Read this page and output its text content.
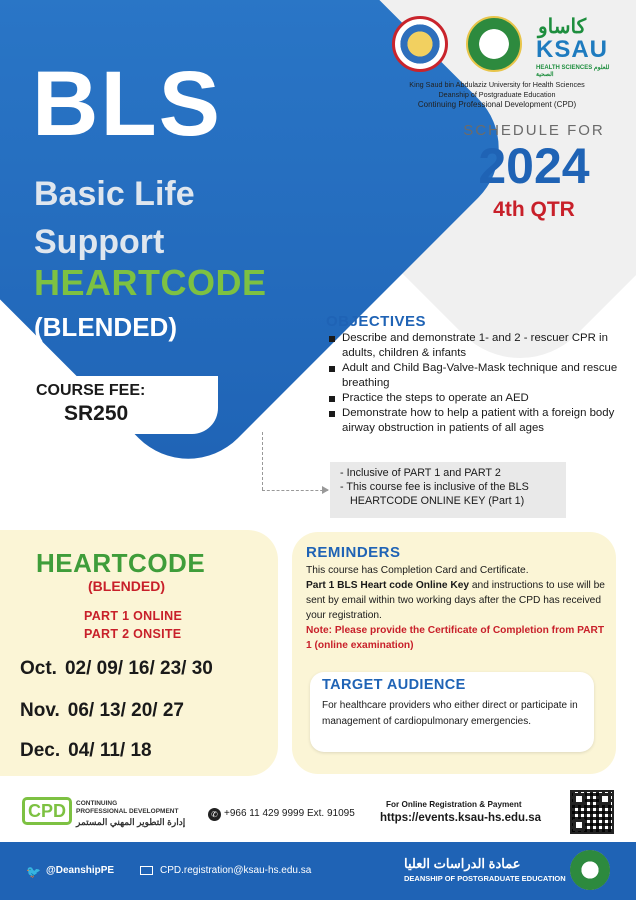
BLS
Basic Life
Support
HEARTCODE
(BLENDED)
COURSE FEE:
SR250
كاساو
KSAU
HEALTH SCIENCES للعلوم الصحية
King Saud bin Abdulaziz University for Health Sciences
Deanship of Postgraduate Education
Continuing Professional Development (CPD)
SCHEDULE FOR
2024
4th QTR
OBJECTIVES
Describe and demonstrate 1- and 2 - rescuer CPR in adults, children & infants
Adult and Child Bag-Valve-Mask technique and rescue breathing
Practice the steps to operate an AED
Demonstrate how to help a patient with a foreign body airway obstruction in patients of all ages

- Inclusive of PART 1 and PART 2

- This course fee is inclusive of the BLS

HEARTCODE ONLINE KEY (Part 1)

HEARTCODE
(BLENDED)
PART 1 ONLINE
PART 2 ONSITE
Oct. 02/ 09/ 16/ 23/ 30
Nov. 06/ 13/ 20/ 27
Dec. 04/ 11/ 18
REMINDERS
This course has Completion Card and Certificate.
Part 1 BLS Heart code Online Key and instructions to use will be sent by email within two working days after the CPD has received your registration.
Note: Please provide the Certificate of Completion from PART 1 (online examination)
TARGET AUDIENCE
For healthcare providers who either direct or participate in management of cardiopulmonary emergencies.
CPD	CONTINUING
PROFESSIONAL DEVELOPMENT
إدارة التطوير المهني المستمر
✆ +966 11 429 9999 Ext. 91095
For Online Registration & Payment
https://events.ksau-hs.edu.sa
🐦 @DeanshipPE	CPD.registration@ksau-hs.edu.sa	عمادة الدراسات العليا
DEANSHIP OF POSTGRADUATE EDUCATION
